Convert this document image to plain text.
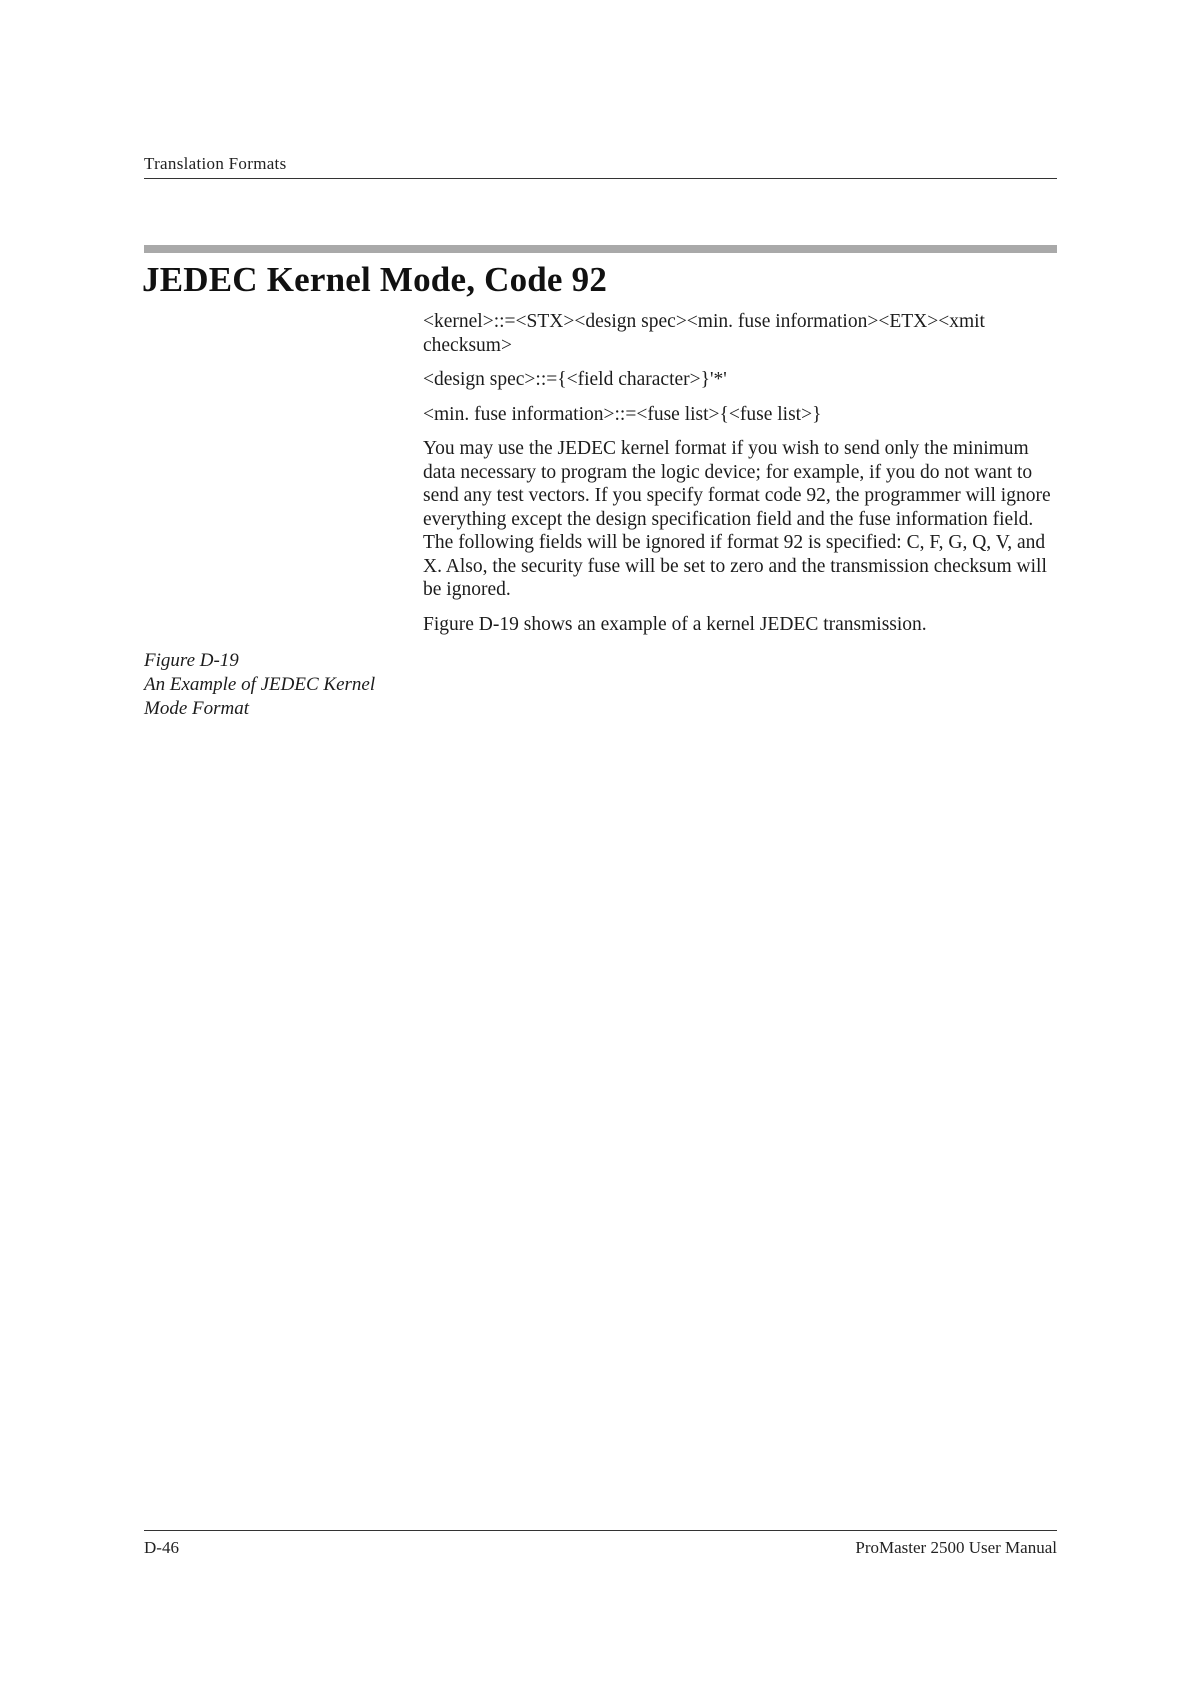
Translation Formats
JEDEC Kernel Mode, Code 92

<kernel>::=<STX><design spec><min. fuse information><ETX><xmit checksum>

<design spec>::={<field character>}'*'

<min. fuse information>::=<fuse list>{<fuse list>}

You may use the JEDEC kernel format if you wish to send only the minimum data necessary to program the logic device; for example, if you do not want to send any test vectors. If you specify format code 92, the programmer will ignore everything except the design specification field and the fuse information field. The following fields will be ignored if format 92 is specified: C, F, G, Q, V, and X. Also, the security fuse will be set to zero and the transmission checksum will be ignored.

Figure D-19 shows an example of a kernel JEDEC transmission.

Figure D-19
An Example of JEDEC Kernel
Mode Format
D-46	ProMaster 2500 User Manual
